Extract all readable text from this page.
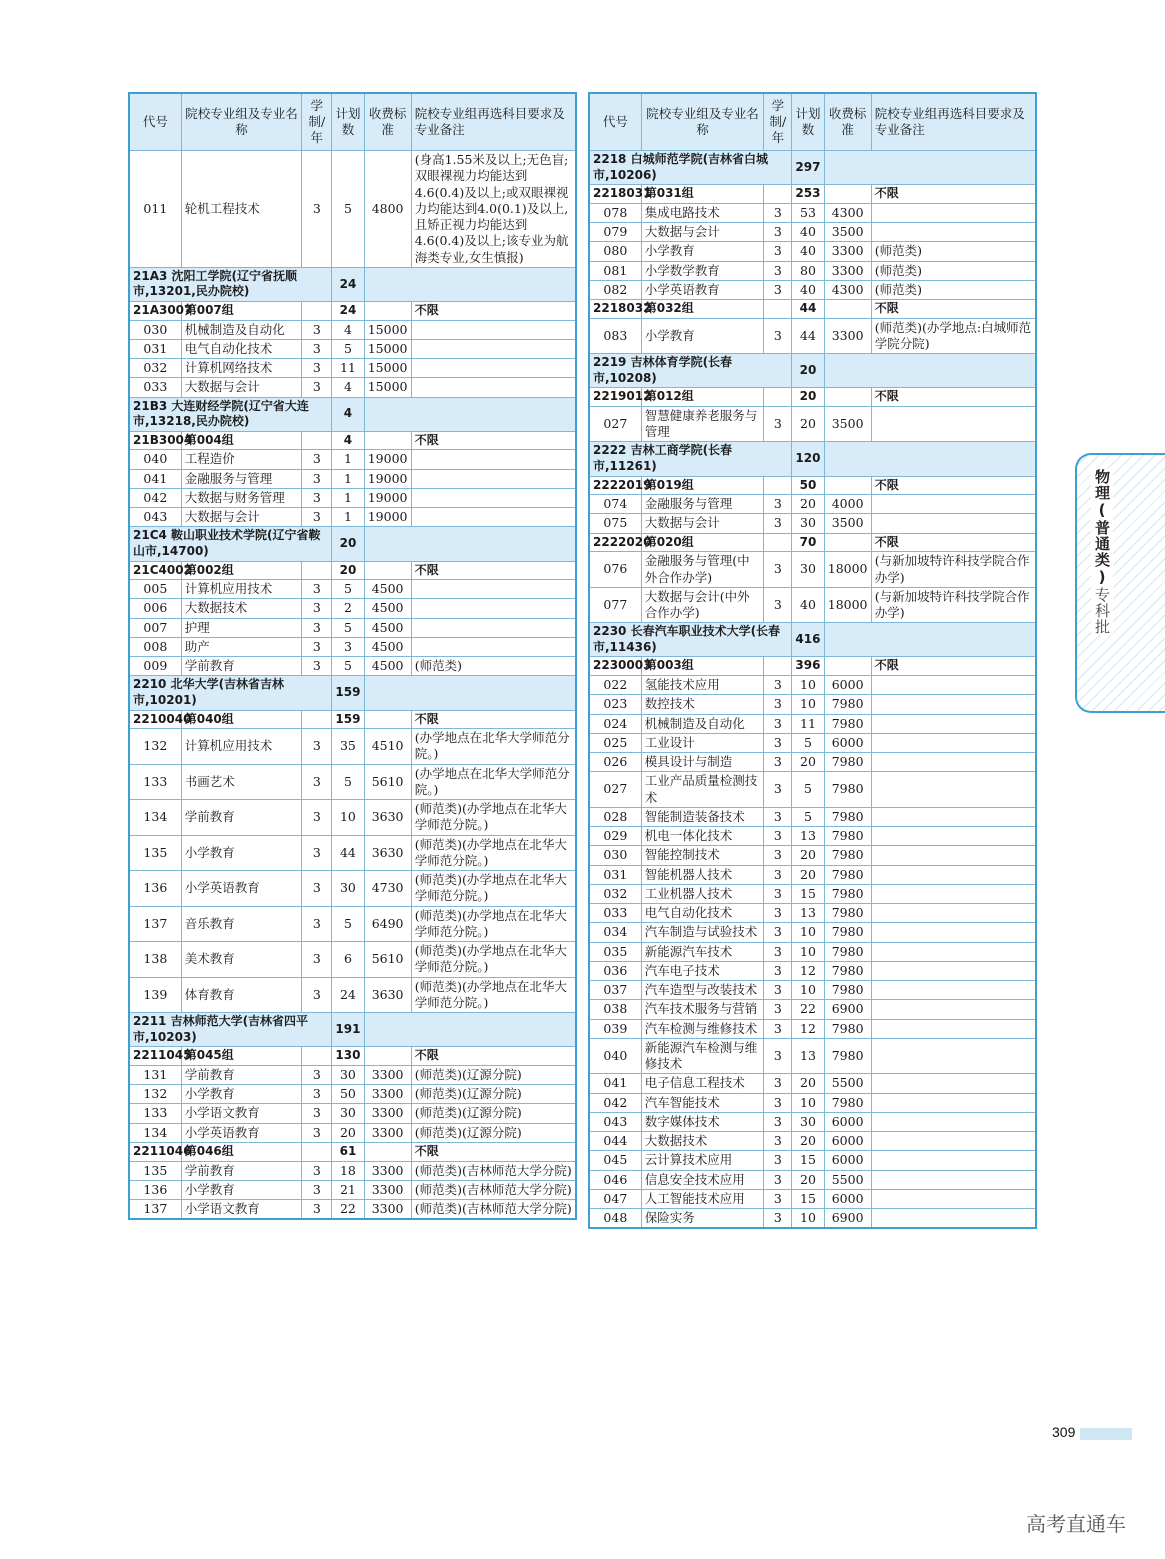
代号	院校专业组及专业名称	学制/年	计划数	收费标准	院校专业组再选科目要求及专业备注
011	轮机工程技术	3	5	4800	(身高1.55米及以上;无色盲;双眼裸视力均能达到4.6(0.4)及以上;或双眼裸视力均能达到4.0(0.1)及以上,且矫正视力均能达到4.6(0.4)及以上;该专业为航海类专业,女生慎报)
21A3 沈阳工学院(辽宁省抚顺市,13201,民办院校)			24		
21A3007	第007组		24		不限
030	机械制造及自动化	3	4	15000	
031	电气自动化技术	3	5	15000	
032	计算机网络技术	3	11	15000	
033	大数据与会计	3	4	15000	
21B3 大连财经学院(辽宁省大连市,13218,民办院校)			4		
21B3004	第004组		4		不限
040	工程造价	3	1	19000	
041	金融服务与管理	3	1	19000	
042	大数据与财务管理	3	1	19000	
043	大数据与会计	3	1	19000	
21C4 鞍山职业技术学院(辽宁省鞍山市,14700)			20		
21C4002	第002组		20		不限
005	计算机应用技术	3	5	4500	
006	大数据技术	3	2	4500	
007	护理	3	5	4500	
008	助产	3	3	4500	
009	学前教育	3	5	4500	(师范类)
2210 北华大学(吉林省吉林市,10201)			159		
2210040	第040组		159		不限
132	计算机应用技术	3	35	4510	(办学地点在北华大学师范分院。)
133	书画艺术	3	5	5610	(办学地点在北华大学师范分院。)
134	学前教育	3	10	3630	(师范类)(办学地点在北华大学师范分院。)
135	小学教育	3	44	3630	(师范类)(办学地点在北华大学师范分院。)
136	小学英语教育	3	30	4730	(师范类)(办学地点在北华大学师范分院。)
137	音乐教育	3	5	6490	(师范类)(办学地点在北华大学师范分院。)
138	美术教育	3	6	5610	(师范类)(办学地点在北华大学师范分院。)
139	体育教育	3	24	3630	(师范类)(办学地点在北华大学师范分院。)
2211 吉林师范大学(吉林省四平市,10203)			191		
2211045	第045组		130		不限
131	学前教育	3	30	3300	(师范类)(辽源分院)
132	小学教育	3	50	3300	(师范类)(辽源分院)
133	小学语文教育	3	30	3300	(师范类)(辽源分院)
134	小学英语教育	3	20	3300	(师范类)(辽源分院)
2211046	第046组		61		不限
135	学前教育	3	18	3300	(师范类)(吉林师范大学分院)
136	小学教育	3	21	3300	(师范类)(吉林师范大学分院)
137	小学语文教育	3	22	3300	(师范类)(吉林师范大学分院)
代号	院校专业组及专业名称	学制/年	计划数	收费标准	院校专业组再选科目要求及专业备注
2218 白城师范学院(吉林省白城市,10206)			297		
2218031	第031组		253		不限
078	集成电路技术	3	53	4300	
079	大数据与会计	3	40	3500	
080	小学教育	3	40	3300	(师范类)
081	小学数学教育	3	80	3300	(师范类)
082	小学英语教育	3	40	4300	(师范类)
2218032	第032组		44		不限
083	小学教育	3	44	3300	(师范类)(办学地点:白城师范学院分院)
2219 吉林体育学院(长春市,10208)			20		
2219012	第012组		20		不限
027	智慧健康养老服务与管理	3	20	3500	
2222 吉林工商学院(长春市,11261)			120		
2222019	第019组		50		不限
074	金融服务与管理	3	20	4000	
075	大数据与会计	3	30	3500	
2222020	第020组		70		不限
076	金融服务与管理(中外合作办学)	3	30	18000	(与新加坡特许科技学院合作办学)
077	大数据与会计(中外合作办学)	3	40	18000	(与新加坡特许科技学院合作办学)
2230 长春汽车职业技术大学(长春市,11436)			416		
2230003	第003组		396		不限
022	氢能技术应用	3	10	6000	
023	数控技术	3	10	7980	
024	机械制造及自动化	3	11	7980	
025	工业设计	3	5	6000	
026	模具设计与制造	3	20	7980	
027	工业产品质量检测技术	3	5	7980	
028	智能制造装备技术	3	5	7980	
029	机电一体化技术	3	13	7980	
030	智能控制技术	3	20	7980	
031	智能机器人技术	3	20	7980	
032	工业机器人技术	3	15	7980	
033	电气自动化技术	3	13	7980	
034	汽车制造与试验技术	3	10	7980	
035	新能源汽车技术	3	10	7980	
036	汽车电子技术	3	12	7980	
037	汽车造型与改装技术	3	10	7980	
038	汽车技术服务与营销	3	22	6900	
039	汽车检测与维修技术	3	12	7980	
040	新能源汽车检测与维修技术	3	13	7980	
041	电子信息工程技术	3	20	5500	
042	汽车智能技术	3	10	7980	
043	数字媒体技术	3	30	6000	
044	大数据技术	3	20	6000	
045	云计算技术应用	3	15	6000	
046	信息安全技术应用	3	20	5500	
047	人工智能技术应用	3	15	6000	
048	保险实务	3	10	6900	
物理(普通类)专科批
309
高考直通车
